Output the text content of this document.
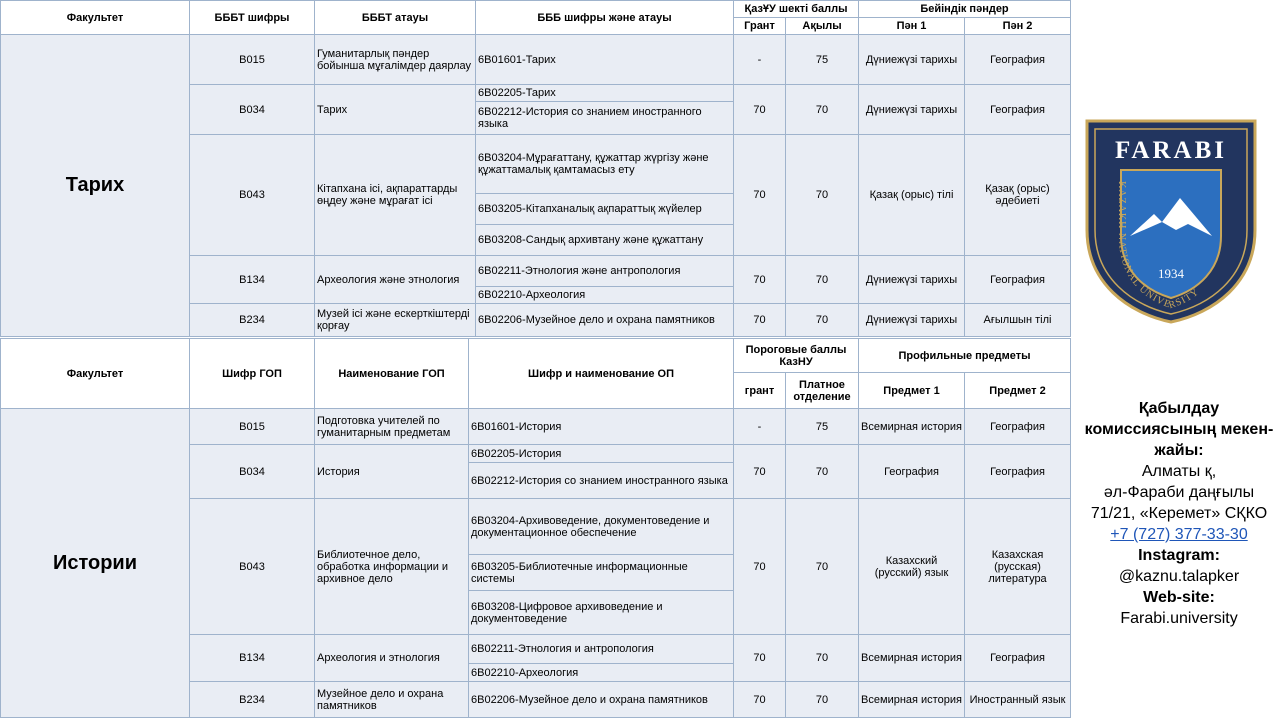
Факультет	БББТ шифры	БББТ атауы	БББ шифры және атауы	ҚазҰУ шекті баллы		Бейіндік пәндер	
				Грант	Ақылы	Пән 1	Пән 2
Тарих	B015	Гуманитарлық пәндер бойынша мұғалімдер даярлау	6B01601-Тарих	-	75	Дүниежүзі тарихы	География
	B034	Тарих	6B02205-Тарих	70	70	Дүниежүзі тарихы	География
			6B02212-История со знанием иностранного языка				
	B043	Кітапхана ісі, ақпараттарды өңдеу және мұрағат ісі	6B03204-Мұрағаттану, құжаттар жүргізу және құжаттамалық қамтамасыз ету	70	70	Қазақ (орыс) тілі	Қазақ (орыс) әдебиеті
			6B03205-Кітапханалық ақпараттық жүйелер				
			6B03208-Сандық архивтану және құжаттану				
	B134	Археология және этнология	6B02211-Этнология және антропология	70	70	Дүниежүзі тарихы	География
			6B02210-Археология				
	B234	Музей ісі және ескерткіштерді қорғау	6B02206-Музейное дело и охрана памятников	70	70	Дүниежүзі тарихы	Ағылшын тілі
Факультет	Шифр ГОП	Наименование ГОП	Шифр и наименование ОП	Пороговые баллы КазНУ		Профильные предметы	
				грант	Платное отделение	Предмет 1	Предмет 2
Истории	B015	Подготовка учителей по гуманитарным предметам	6B01601-История	-	75	Всемирная история	География
	B034	История	6B02205-История	70	70	География	География
			6B02212-История со знанием иностранного языка				
	B043	Библиотечное дело, обработка информации и архивное дело	6B03204-Архивоведение, документоведение и документационное обеспечение	70	70	Казахский (русский) язык	Казахская (русская) литература
			6B03205-Библиотечные информационные системы				
			6B03208-Цифровое архивоведение и документоведение				
	B134	Археология и этнология	6B02211-Этнология и антропология	70	70	Всемирная история	География
			6B02210-Археология				
	B234	Музейное дело и охрана памятников	6B02206-Музейное дело и охрана памятников	70	70	Всемирная история	Иностранный язык
FARABI
1934
KAZAKH NATIONAL UNIVERSITY
Қабылдау комиссиясының мекен-жайы:
Алматы қ,
әл-Фараби даңғылы
71/21, «Керемет» СҚКО
+7 (727) 377-33-30
Instagram:
@kaznu.talapker
Web-site:
Farabi.university
